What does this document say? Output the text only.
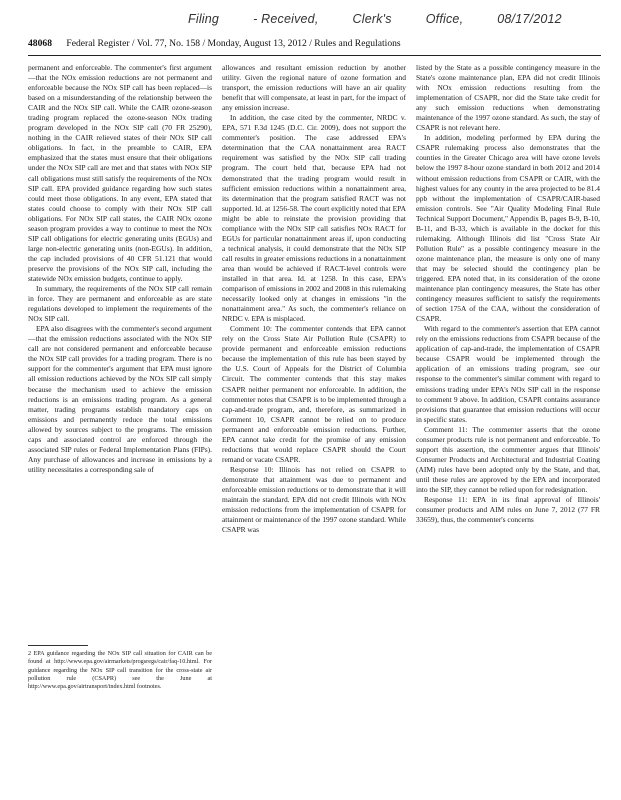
Filing	- Received,	Clerk's	Office,	08/17/2012
48068 Federal Register / Vol. 77, No. 158 / Monday, August 13, 2012 / Rules and Regulations

permanent and enforceable. The commenter's first argument—that the NOx emission reductions are not permanent and enforceable because the NOx SIP call has been replaced—is based on a misunderstanding of the relationship between the CAIR and the NOx SIP call. While the CAIR ozone-season trading program replaced the ozone-season NOx trading program developed in the NOx SIP call (70 FR 25290), nothing in the CAIR relieved states of their NOx SIP call obligations. In fact, in the preamble to CAIR, EPA emphasized that the states must ensure that their obligations under the NOx SIP call are met and that states with NOx SIP call obligations must still satisfy the requirements of the NOx SIP call. EPA provided guidance regarding how such states could meet those obligations. In any event, EPA stated that states could choose to comply with their NOx SIP call obligations. For NOx SIP call states, the CAIR NOx ozone season program provides a way to continue to meet the NOx SIP call obligations for electric generating units (EGUs) and large non-electric generating units (non-EGUs). In addition, the cap included provisions of 40 CFR 51.121 that would preserve the provisions of the NOx SIP call, including the statewide NOx emission budgets, continue to apply.

In summary, the requirements of the NOx SIP call remain in force. They are permanent and enforceable as are state regulations developed to implement the requirements of the NOx SIP call.

EPA also disagrees with the commenter's second argument—that the emission reductions associated with the NOx SIP call are not considered permanent and enforceable because the NOx SIP call provides for a trading program. There is no support for the commenter's argument that EPA must ignore all emission reductions achieved by the NOx SIP call simply because the mechanism used to achieve the emission reductions is an emissions trading program. As a general matter, trading programs establish mandatory caps on emissions and permanently reduce the total emissions allowed by sources subject to the programs. The emission caps and associated control are enforced through the associated SIP rules or Federal Implementation Plans (FIPs). Any purchase of allowances and increase in emissions by a utility necessitates a corresponding sale of

allowances and resultant emission reduction by another utility. Given the regional nature of ozone formation and transport, the emission reductions will have an air quality benefit that will compensate, at least in part, for the impact of any emission increase.

In addition, the case cited by the commenter, NRDC v. EPA, 571 F.3d 1245 (D.C. Cir. 2009), does not support the commenter's position. The case addressed EPA's determination that the CAA nonattainment area RACT requirement was satisfied by the NOx SIP call trading program. The court held that, because EPA had not demonstrated that the trading program would result in sufficient emission reductions within a nonattainment area, its determination that the program satisfied RACT was not supported. Id. at 1256-58. The court explicitly noted that EPA might be able to reinstate the provision providing that compliance with the NOx SIP call satisfies NOx RACT for EGUs for particular nonattainment areas if, upon conducting a technical analysis, it could demonstrate that the NOx SIP call results in greater emissions reductions in a nonattainment area than would be achieved if RACT-level controls were installed in that area. Id. at 1258. In this case, EPA's comparison of emissions in 2002 and 2008 in this rulemaking necessarily looked only at changes in emissions "in the nonattainment area." As such, the commenter's reliance on NRDC v. EPA is misplaced.

Comment 10: The commenter contends that EPA cannot rely on the Cross State Air Pollution Rule (CSAPR) to provide permanent and enforceable emission reductions because the implementation of this rule has been stayed by the U.S. Court of Appeals for the District of Columbia Circuit. The commenter contends that this stay makes CSAPR neither permanent nor enforceable. In addition, the commenter notes that CSAPR is to be implemented through a cap-and-trade program, and, therefore, as summarized in Comment 10, CSAPR cannot be relied on to produce permanent and enforceable emission reductions. Further, EPA cannot take credit for the promise of any emission reductions that would replace CSAPR should the Court remand or vacate CSAPR.

Response 10: Illinois has not relied on CSAPR to demonstrate that attainment was due to permanent and enforceable emission reductions or to demonstrate that it will maintain the standard. EPA did not credit Illinois with NOx emission reductions from the implementation of CSAPR for attainment or maintenance of the 1997 ozone standard. While CSAPR was

listed by the State as a possible contingency measure in the State's ozone maintenance plan, EPA did not credit Illinois with NOx emission reductions resulting from the implementation of CSAPR, nor did the State take credit for any such emission reductions when demonstrating maintenance of the 1997 ozone standard. As such, the stay of CSAPR is not relevant here.

In addition, modeling performed by EPA during the CSAPR rulemaking process also demonstrates that the counties in the Greater Chicago area will have ozone levels below the 1997 8-hour ozone standard in both 2012 and 2014 without emission reductions from CSAPR or CAIR, with the highest values for any county in the area projected to be 81.4 ppb without the implementation of CSAPR/CAIR-based emission controls. See "Air Quality Modeling Final Rule Technical Support Document," Appendix B, pages B-9, B-10, B-11, and B-33, which is available in the docket for this rulemaking. Although Illinois did list "Cross State Air Pollution Rule" as a possible contingency measure in the ozone maintenance plan, the measure is only one of many that may be selected should the contingency plan be triggered. EPA noted that, in its consideration of the ozone maintenance plan contingency measures, the State has other contingency measures sufficient to satisfy the requirements of section 175A of the CAA, without the consideration of CSAPR.

With regard to the commenter's assertion that EPA cannot rely on the emissions reductions from CSAPR because of the application of cap-and-trade, the implementation of CSAPR because CSAPR would be implemented through the application of an emissions trading program, see our response to the commenter's similar comment with regard to emissions trading under EPA's NOx SIP call in the response to comment 9 above. In addition, CSAPR contains assurance provisions that guarantee that emission reductions will occur in specific states.

Comment 11: The commenter asserts that the ozone consumer products rule is not permanent and enforceable. To support this assertion, the commenter argues that Illinois' Consumer Products and Architectural and Industrial Coating (AIM) rules have been adopted only by the State, and that, until these rules are approved by the EPA and incorporated into the SIP, they cannot be relied upon for redesignation.

Response 11: EPA in its final approval of Illinois' consumer products and AIM rules on June 7, 2012 (77 FR 33659), thus, the commenter's concerns

2 EPA guidance regarding the NOx SIP call situation for CAIR can be found at http://www.epa.gov/airmarkets/progsregs/cair/faq-10.html. For guidance regarding the NOx SIP call transition for the cross-state air pollution rule (CSAPR) see the June at http://www.epa.gov/airtransport/index.html footnotes.
